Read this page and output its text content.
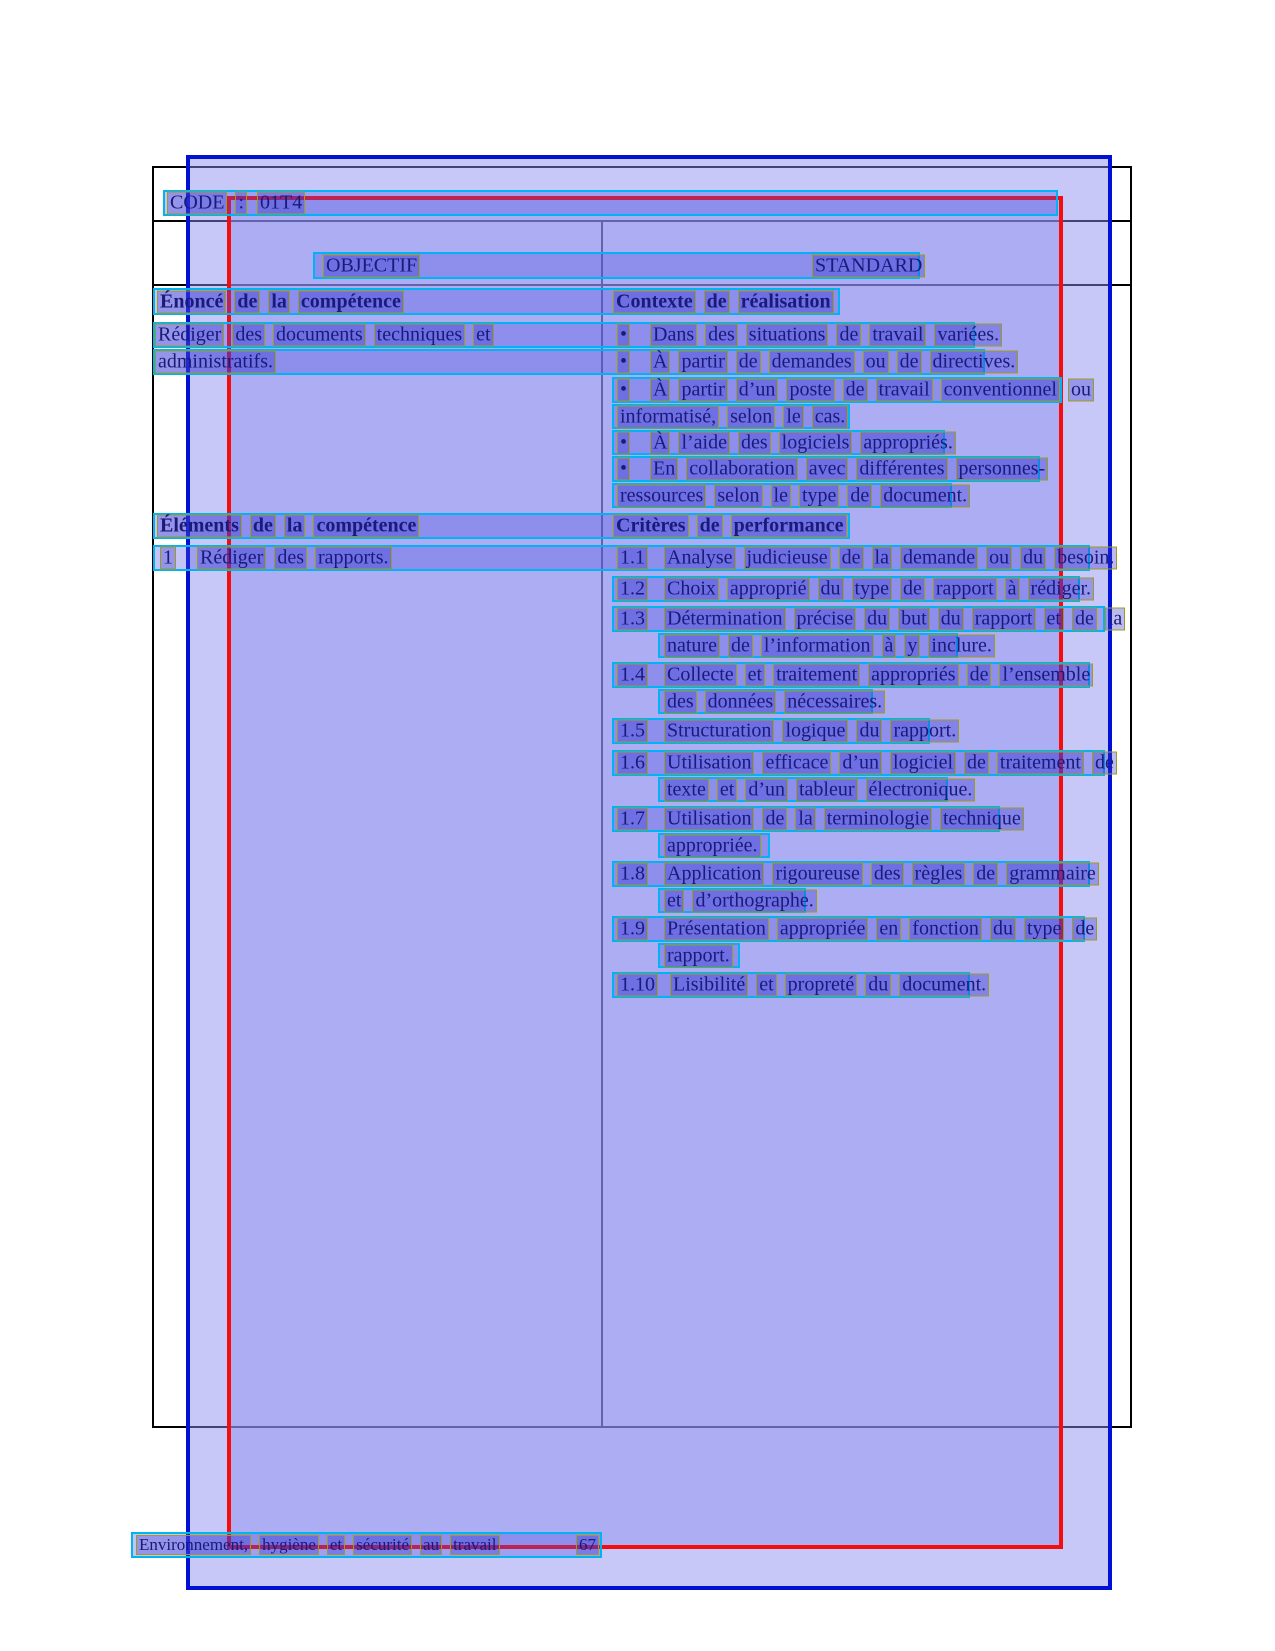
CODE : 01T4
OBJECTIF	STANDARD
Énoncé de la compétence	Contexte de réalisation
Rédiger des documents techniques et	• Dans des situations de travail variées.
administratifs.	• À partir de demandes ou de directives.
• À partir d’un poste de travail conventionnel ou
informatisé, selon le cas.
• À l’aide des logiciels appropriés.
• En collaboration avec différentes personnes-
ressources selon le type de document.
Éléments de la compétence	Critères de performance
1 Rédiger des rapports.	1.1 Analyse judicieuse de la demande ou du besoin.
1.2 Choix approprié du type de rapport à rédiger.
1.3 Détermination précise du but du rapport et de la
nature de l’information à y inclure.
1.4 Collecte et traitement appropriés de l’ensemble
des données nécessaires.
1.5 Structuration logique du rapport.
1.6 Utilisation efficace d’un logiciel de traitement de
texte et d’un tableur électronique.
1.7 Utilisation de la terminologie technique
appropriée.
1.8 Application rigoureuse des règles de grammaire
et d’orthographe.
1.9 Présentation appropriée en fonction du type de
rapport.
1.10 Lisibilité et propreté du document.
Environnement, hygiène et sécurité au travail	67
